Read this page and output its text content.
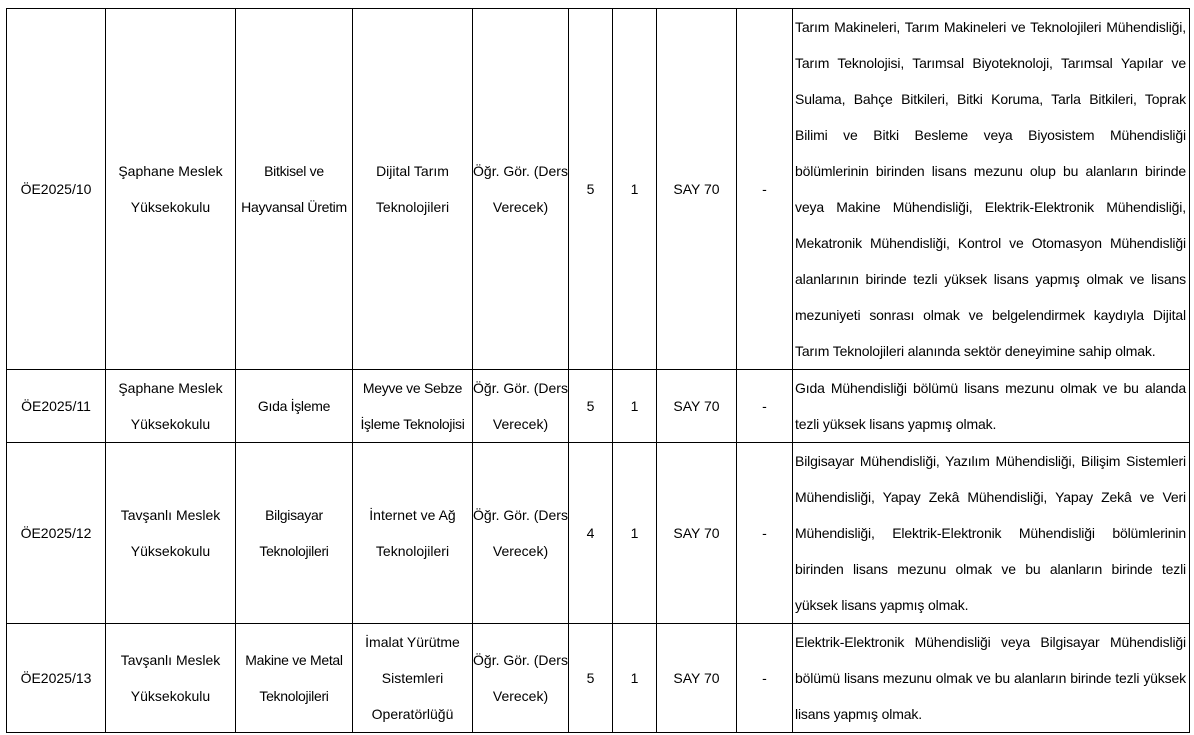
ÖE2025/10	Şaphane Meslek Yüksekokulu	Bitkisel ve Hayvansal Üretim	Dijital Tarım Teknolojileri	Öğr. Gör. (Ders Verecek)	5	1	SAY 70	-	Tarım Makineleri, Tarım Makineleri ve Teknolojileri Mühendisliği, Tarım Teknolojisi, Tarımsal Biyoteknoloji, Tarımsal Yapılar ve Sulama, Bahçe Bitkileri, Bitki Koruma, Tarla Bitkileri, Toprak Bilimi ve Bitki Besleme veya Biyosistem Mühendisliği bölümlerinin birinden lisans mezunu olup bu alanların birinde veya Makine Mühendisliği, Elektrik-Elektronik Mühendisliği, Mekatronik Mühendisliği, Kontrol ve Otomasyon Mühendisliği alanlarının birinde tezli yüksek lisans yapmış olmak ve lisans mezuniyeti sonrası olmak ve belgelendirmek kaydıyla Dijital Tarım Teknolojileri alanında sektör deneyimine sahip olmak.
ÖE2025/11	Şaphane Meslek Yüksekokulu	Gıda İşleme	Meyve ve Sebze İşleme Teknolojisi	Öğr. Gör. (Ders Verecek)	5	1	SAY 70	-	Gıda Mühendisliği bölümü lisans mezunu olmak ve bu alanda tezli yüksek lisans yapmış olmak.
ÖE2025/12	Tavşanlı Meslek Yüksekokulu	Bilgisayar Teknolojileri	İnternet ve Ağ Teknolojileri	Öğr. Gör. (Ders Verecek)	4	1	SAY 70	-	Bilgisayar Mühendisliği, Yazılım Mühendisliği, Bilişim Sistemleri Mühendisliği, Yapay Zekâ Mühendisliği, Yapay Zekâ ve Veri Mühendisliği, Elektrik-Elektronik Mühendisliği bölümlerinin birinden lisans mezunu olmak ve bu alanların birinde tezli yüksek lisans yapmış olmak.
ÖE2025/13	Tavşanlı Meslek Yüksekokulu	Makine ve Metal Teknolojileri	İmalat Yürütme Sistemleri Operatörlüğü	Öğr. Gör. (Ders Verecek)	5	1	SAY 70	-	Elektrik-Elektronik Mühendisliği veya Bilgisayar Mühendisliği bölümü lisans mezunu olmak ve bu alanların birinde tezli yüksek lisans yapmış olmak.
